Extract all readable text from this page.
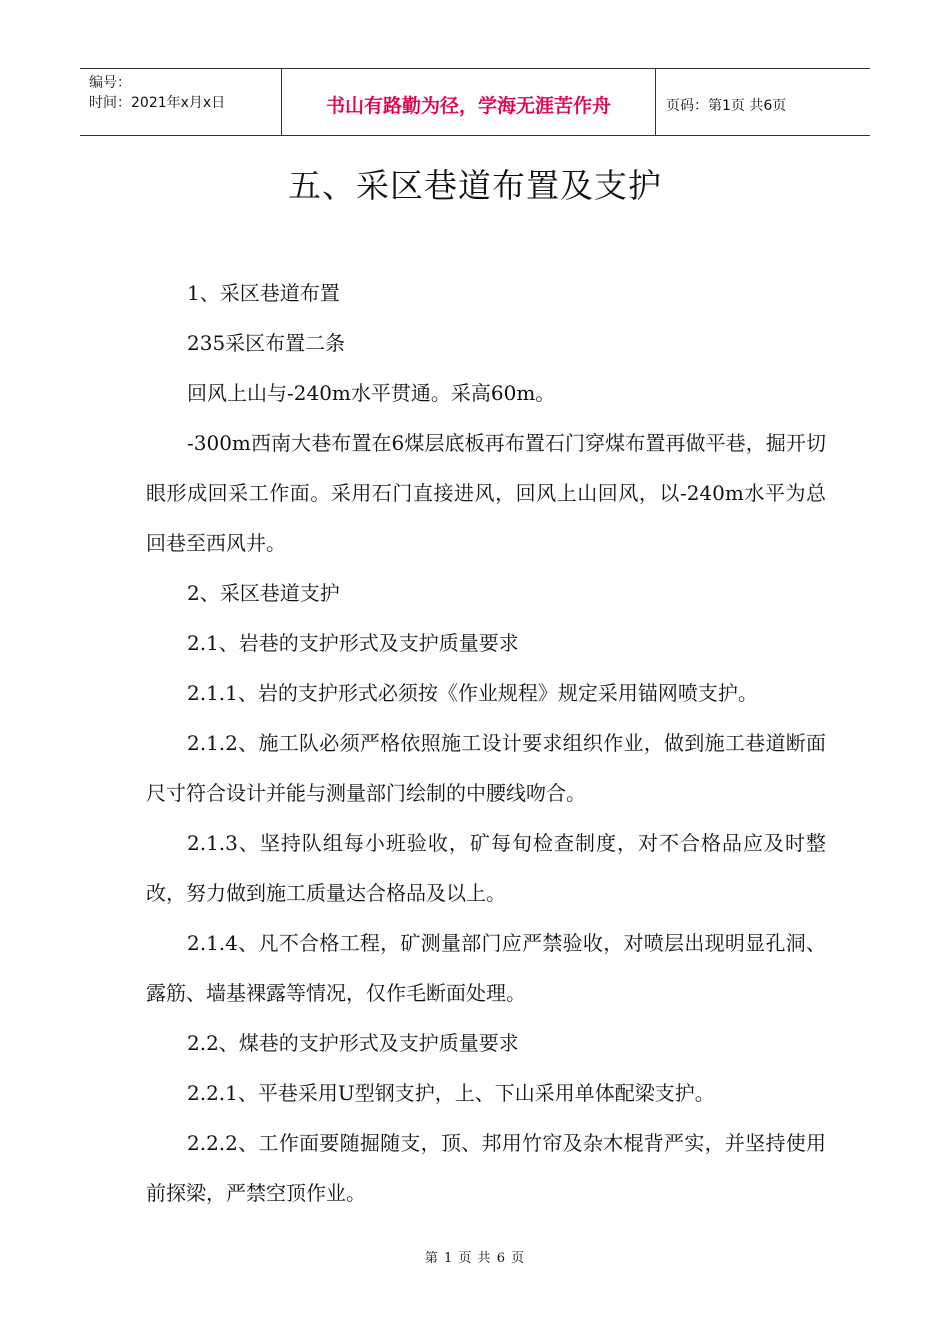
编号：
时间：2021年x月x日	书山有路勤为径，学海无涯苦作舟	页码：第1页 共6页
五、采区巷道布置及支护

1、采区巷道布置

235采区布置二条

回风上山与-240m水平贯通。采高60m。

-300m西南大巷布置在6煤层底板再布置石门穿煤布置再做平巷，掘开切眼形成回采工作面。采用石门直接进风，回风上山回风，以-240m水平为总回巷至西风井。

2、采区巷道支护

2.1、岩巷的支护形式及支护质量要求

2.1.1、岩的支护形式必须按《作业规程》规定采用锚网喷支护。

2.1.2、施工队必须严格依照施工设计要求组织作业，做到施工巷道断面尺寸符合设计并能与测量部门绘制的中腰线吻合。

2.1.3、坚持队组每小班验收，矿每旬检查制度，对不合格品应及时整改，努力做到施工质量达合格品及以上。

2.1.4、凡不合格工程，矿测量部门应严禁验收，对喷层出现明显孔洞、露筋、墙基裸露等情况，仅作毛断面处理。

2.2、煤巷的支护形式及支护质量要求

2.2.1、平巷采用U型钢支护，上、下山采用单体配梁支护。

2.2.2、工作面要随掘随支，顶、邦用竹帘及杂木棍背严实，并坚持使用前探梁，严禁空顶作业。

第 1 页 共 6 页
